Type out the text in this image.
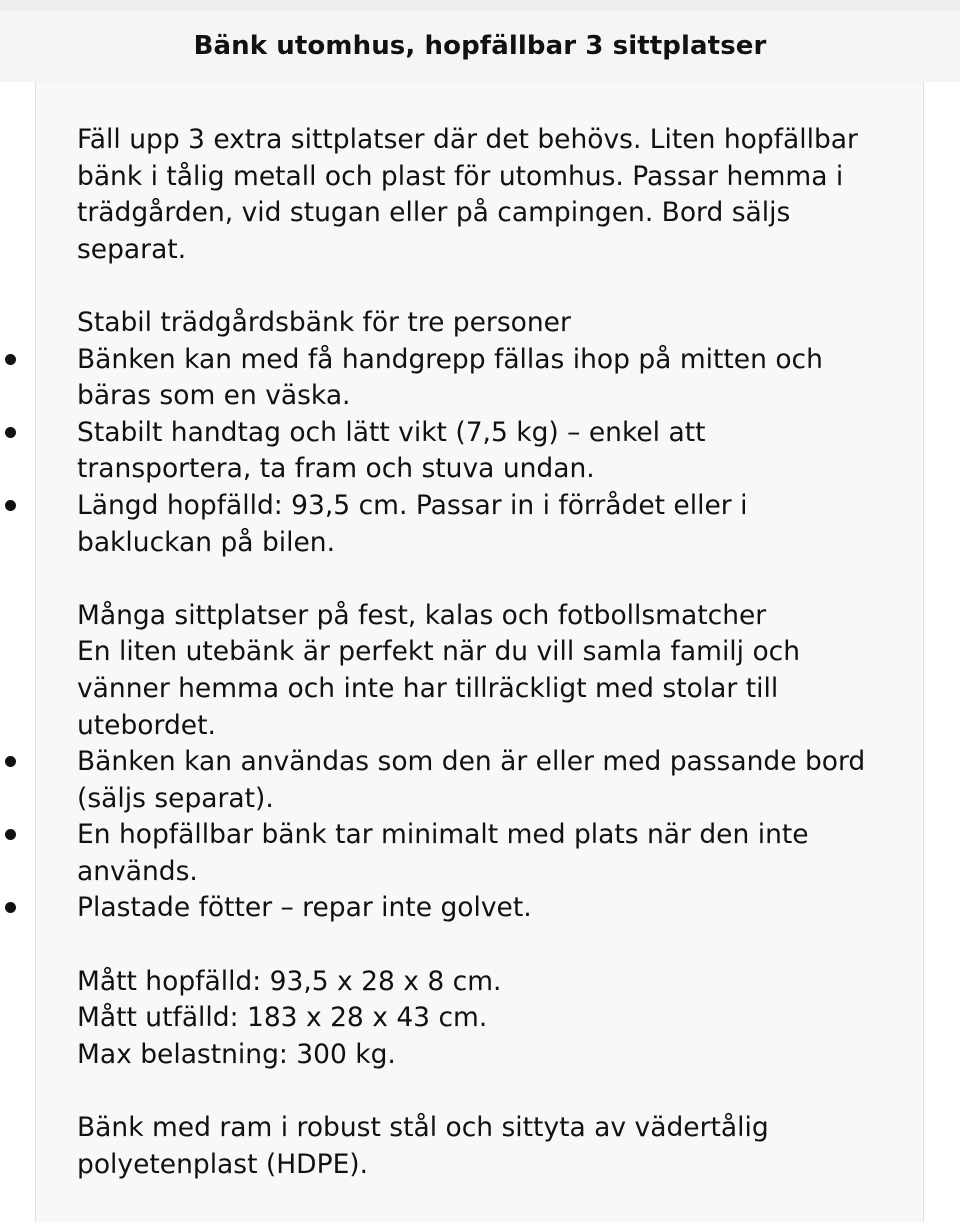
Bänk utomhus, hopfällbar 3 sittplatser

Fäll upp 3 extra sittplatser där det behövs. Liten hopfällbar bänk i tålig metall och plast för utomhus. Passar hemma i trädgården, vid stugan eller på campingen. Bord säljs separat.

Stabil trädgårdsbänk för tre personer

Bänken kan med få handgrepp fällas ihop på mitten och bäras som en väska.
Stabilt handtag och lätt vikt (7,5 kg) – enkel att transportera, ta fram och stuva undan.
Längd hopfälld: 93,5 cm. Passar in i förrådet eller i bakluckan på bilen.

Många sittplatser på fest, kalas och fotbollsmatcher

En liten utebänk är perfekt när du vill samla familj och vänner hemma och inte har tillräckligt med stolar till utebordet.

Bänken kan användas som den är eller med passande bord (säljs separat).
En hopfällbar bänk tar minimalt med plats när den inte används.
Plastade fötter – repar inte golvet.

Mått hopfälld: 93,5 x 28 x 8 cm.

Mått utfälld: 183 x 28 x 43 cm.

Max belastning: 300 kg.

Bänk med ram i robust stål och sittyta av vädertålig polyetenplast (HDPE).
